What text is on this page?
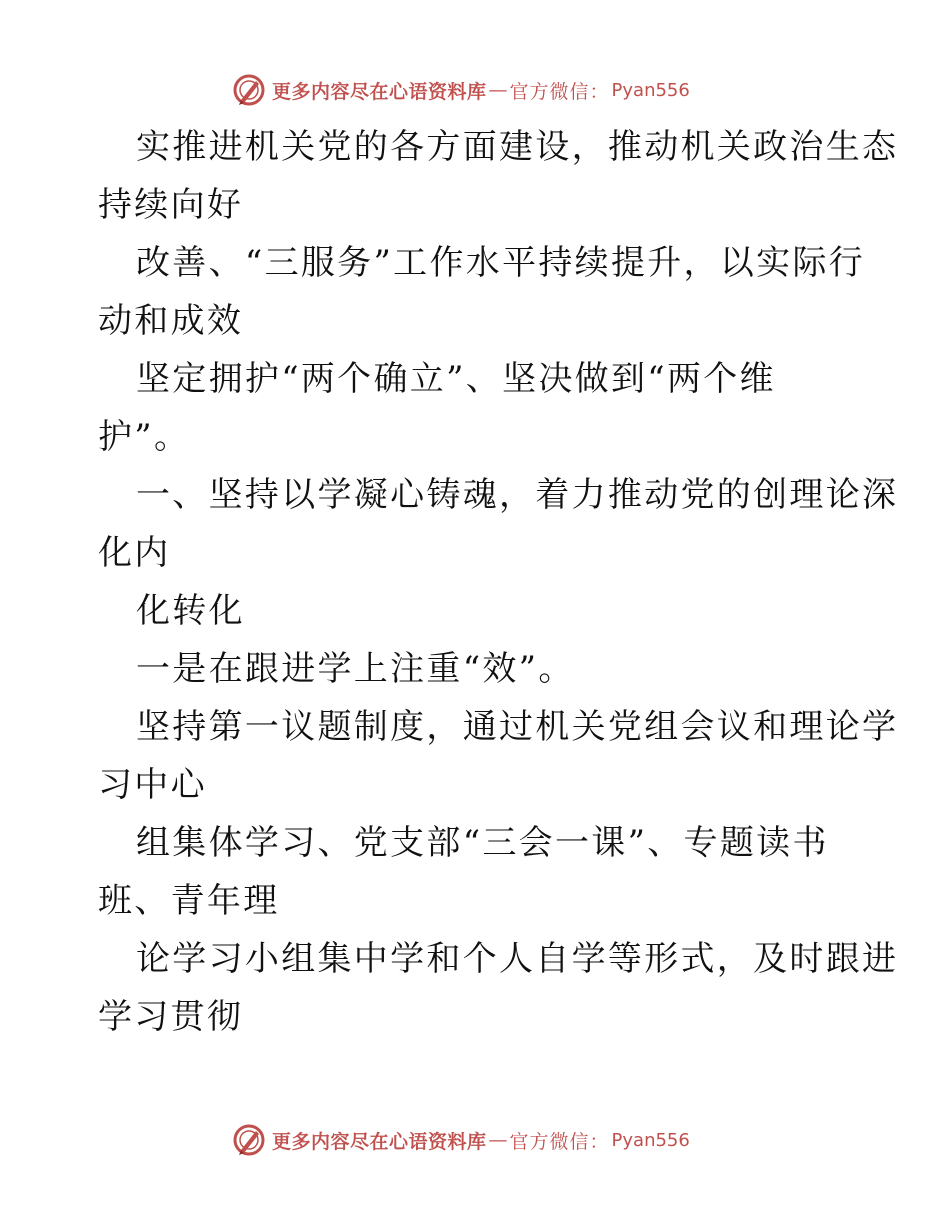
更多内容尽在心语资料库 — 官方微信： Pyan556
实推进机关党的各方面建设，推动机关政治生态
持续向好
改善、“三服务”工作水平持续提升，以实际行
动和成效
坚定拥护“两个确立”、坚决做到“两个维
护”。
一、坚持以学凝心铸魂，着力推动党的创理论深
化内
化转化
一是在跟进学上注重“效”。
坚持第一议题制度，通过机关党组会议和理论学
习中心
组集体学习、党支部“三会一课”、专题读书
班、青年理
论学习小组集中学和个人自学等形式，及时跟进
学习贯彻
更多内容尽在心语资料库 — 官方微信： Pyan556
